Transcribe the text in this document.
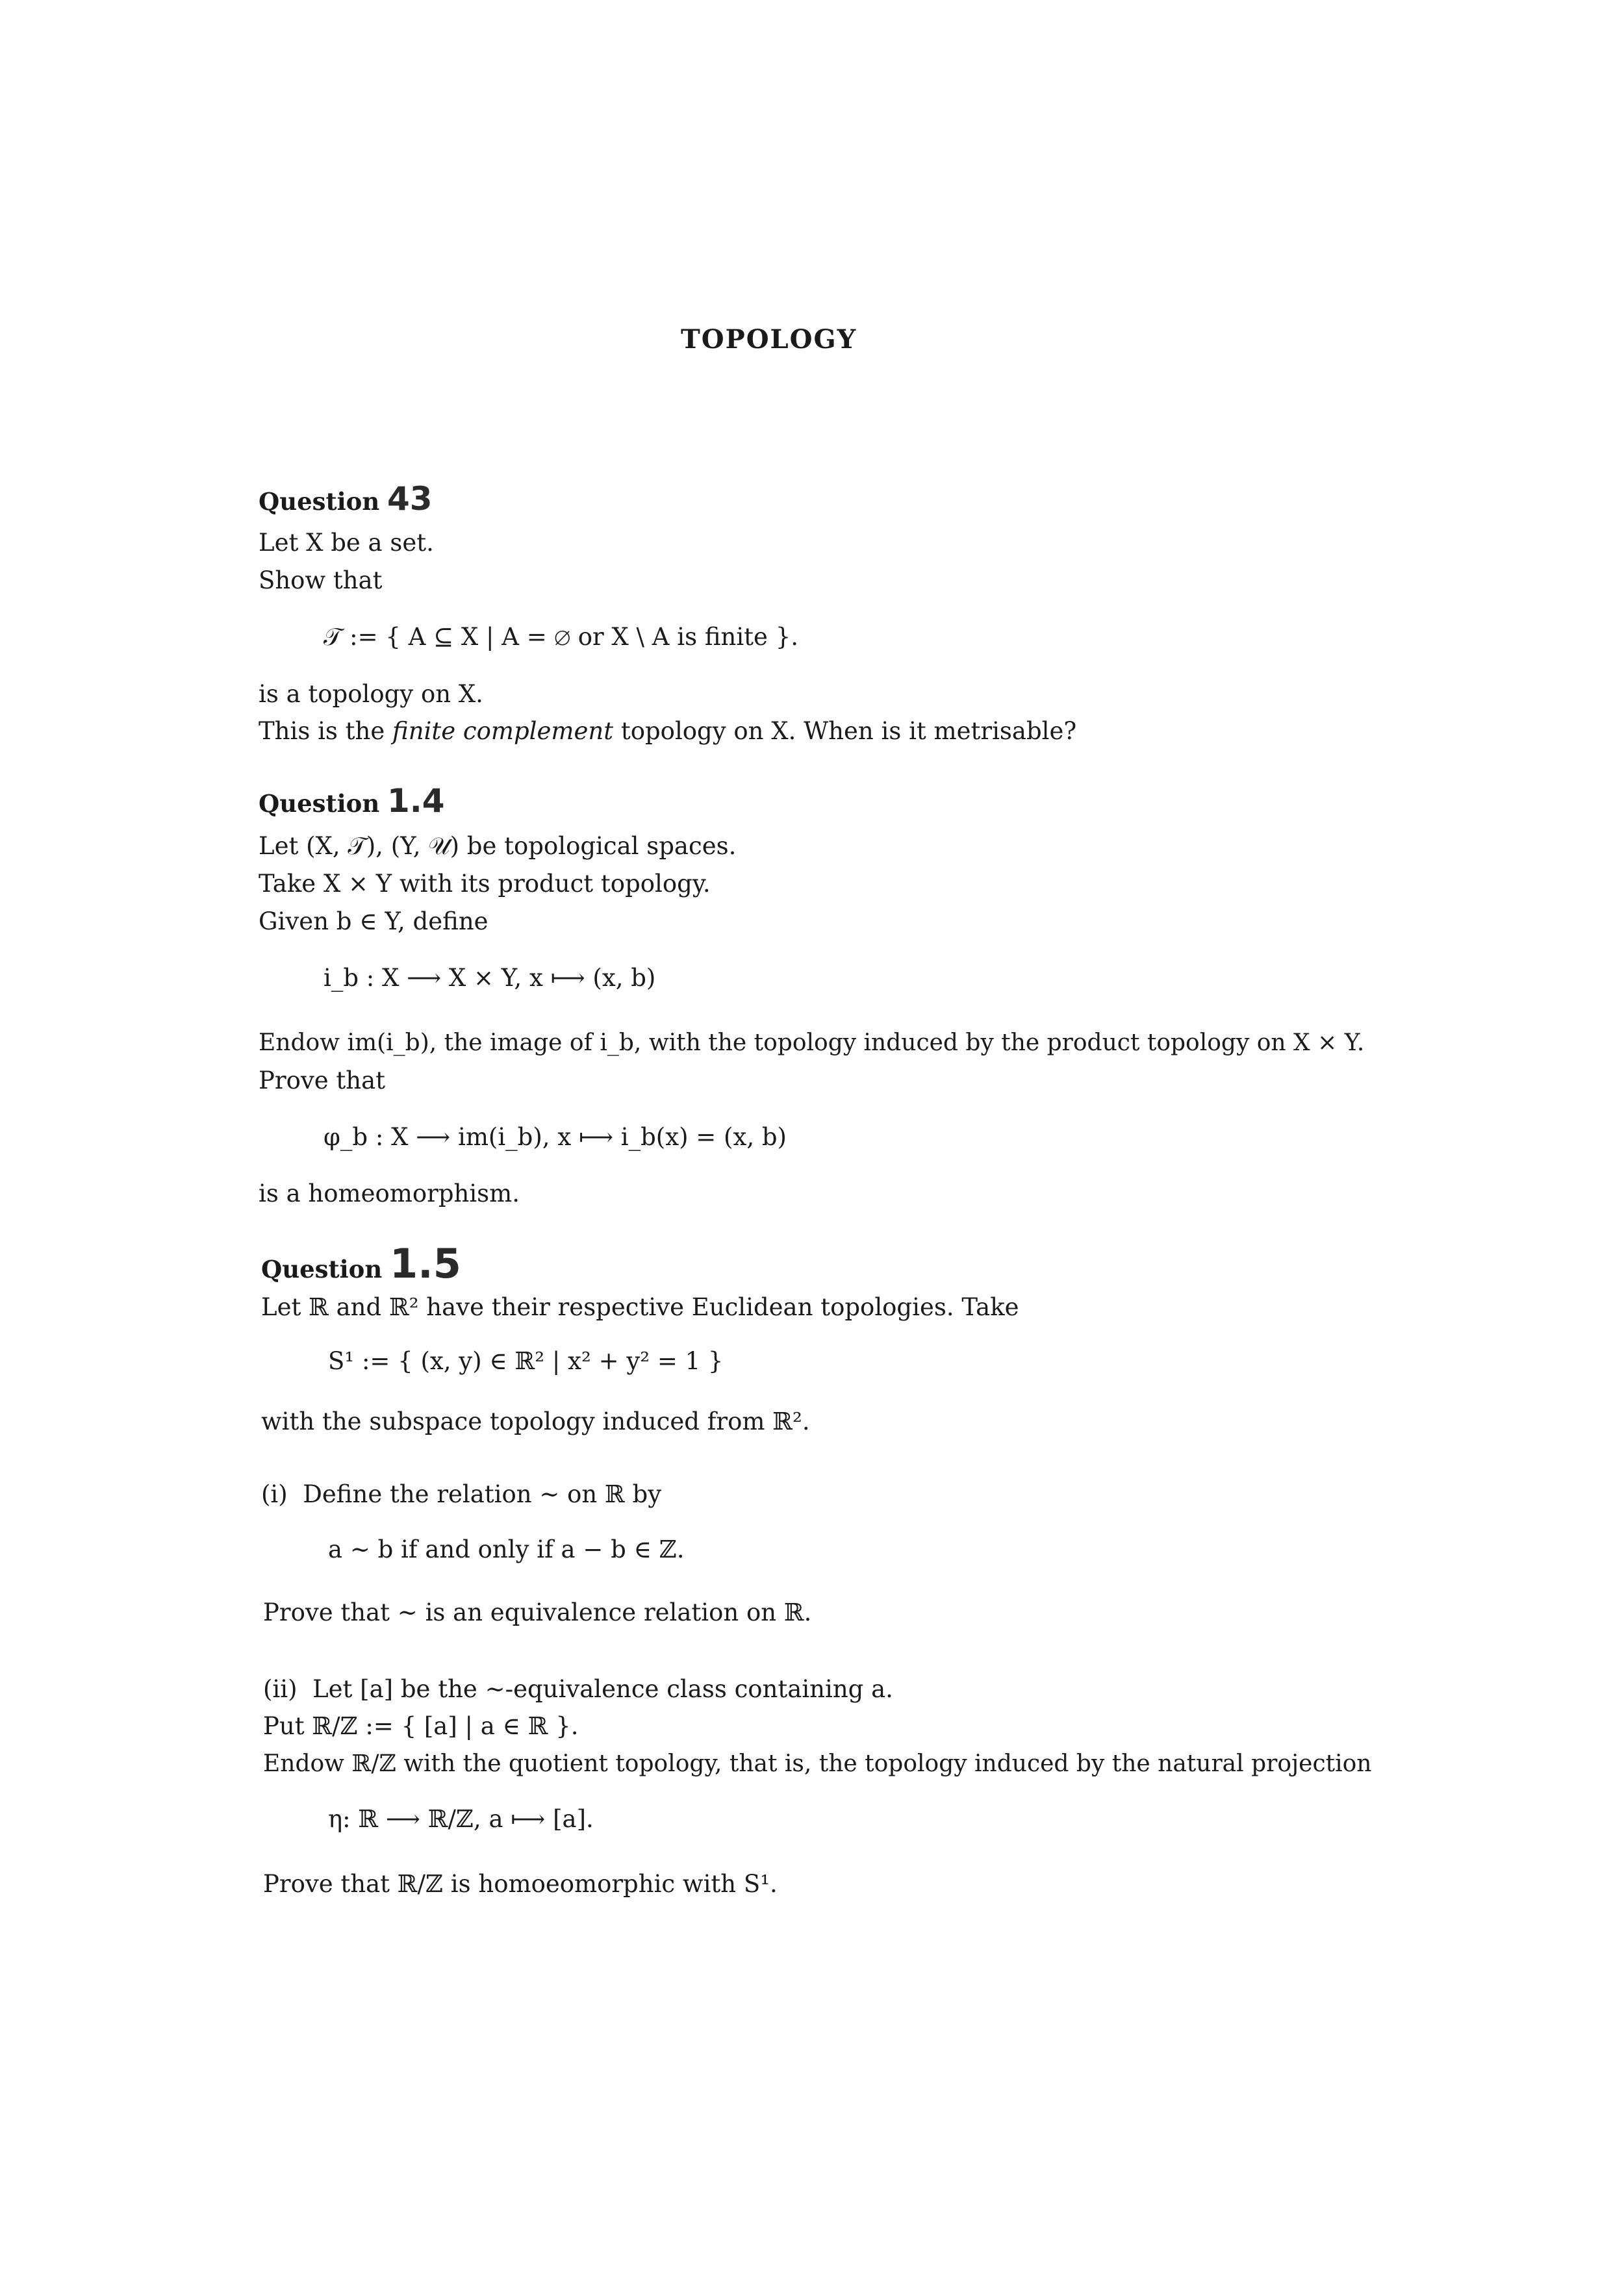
TOPOLOGY
Question 43
Let X be a set.
Show that
𝒯 := { A ⊆ X | A = ∅ or X \ A is finite }.
is a topology on X.
This is the finite complement topology on X. When is it metrisable?
Question 1.4
Let (X, 𝒯), (Y, 𝒰) be topological spaces.
Take X × Y with its product topology.
Given b ∈ Y, define
i_b : X ⟶ X × Y, x ⟼ (x, b)
Endow im(i_b), the image of i_b, with the topology induced by the product topology on X × Y.
Prove that
φ_b : X ⟶ im(i_b), x ⟼ i_b(x) = (x, b)
is a homeomorphism.
Question 1.5
Let ℝ and ℝ² have their respective Euclidean topologies. Take
S¹ := { (x, y) ∈ ℝ² | x² + y² = 1 }
with the subspace topology induced from ℝ².
(i) Define the relation ~ on ℝ by
a ~ b if and only if a − b ∈ ℤ.
Prove that ~ is an equivalence relation on ℝ.
(ii) Let [a] be the ~-equivalence class containing a.
Put ℝ/ℤ := { [a] | a ∈ ℝ }.
Endow ℝ/ℤ with the quotient topology, that is, the topology induced by the natural projection
η: ℝ ⟶ ℝ/ℤ, a ⟼ [a].
Prove that ℝ/ℤ is homoeomorphic with S¹.
